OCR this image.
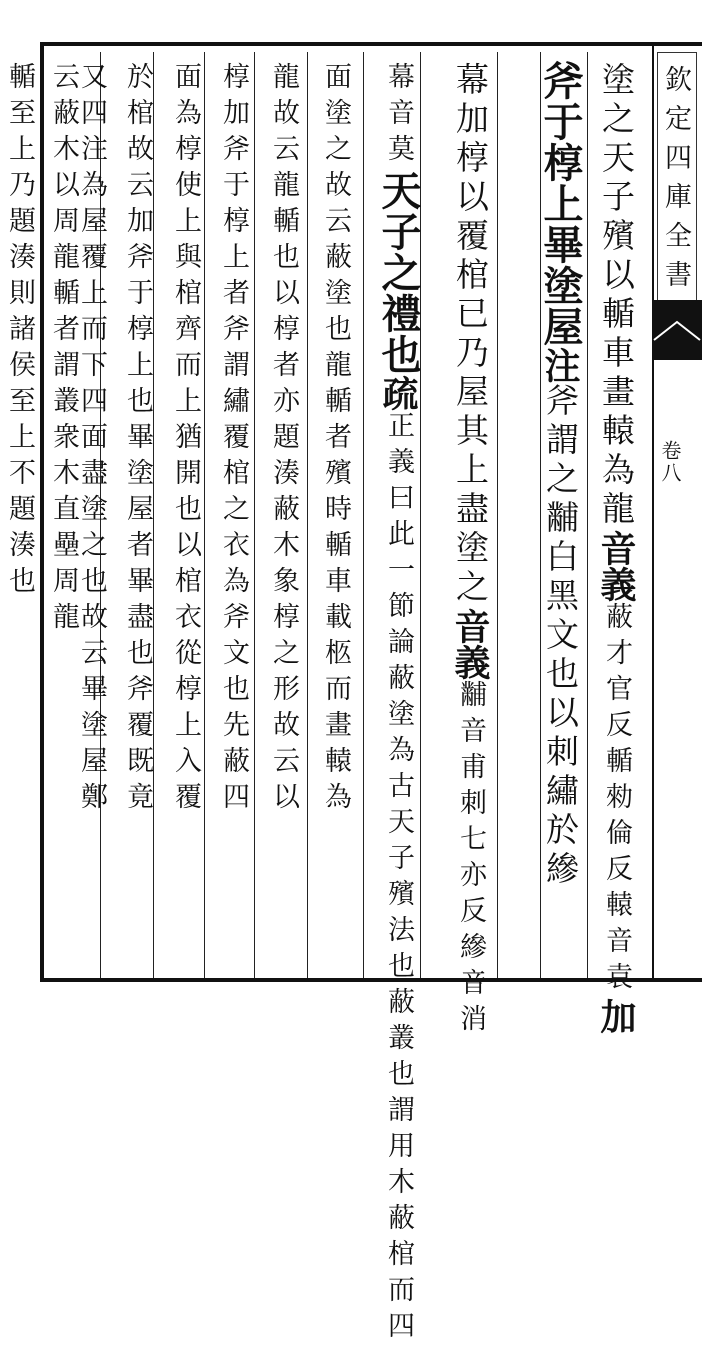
欽定四庫全書
卷八
塗之天子殯以輴車畫轅為龍音義蔽才官反輴勑倫反轅音袁加
斧于椁上畢塗屋注斧謂之黼白黑文也以刺繡於縿
幕加椁以覆棺已乃屋其上盡塗之音義黼音甫刺七亦反縿音消
幕音莫天子之禮也疏正義曰此一節論蔽塗為古天子殯法也蔽叢也謂用木蔽棺而四
面塗之故云蔽塗也龍輴者殯時輴車載柩而畫轅為
龍故云龍輴也以椁者亦題湊蔽木象椁之形故云以
椁加斧于椁上者斧謂繡覆棺之衣為斧文也先蔽四
面為椁使上與棺齊而上猶開也以棺衣從椁上入覆
於棺故云加斧于椁上也畢塗屋者畢盡也斧覆既竟
又四注為屋覆上而下四面盡塗之也故云畢塗屋鄭
云蔽木以周龍輴者謂叢衆木直壘周龍
輴至上乃題湊則諸侯至上不題湊也
